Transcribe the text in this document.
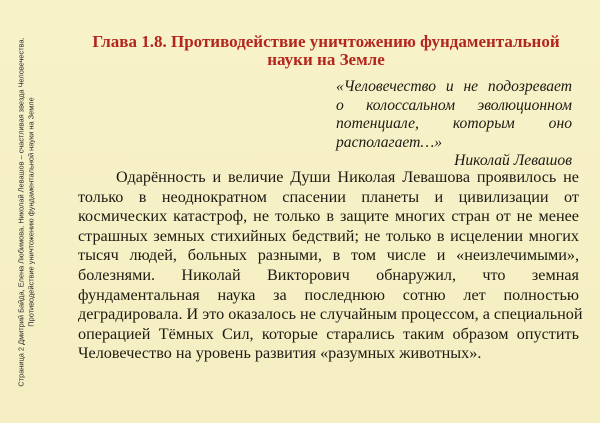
Страница 2 Дмитрий Байда, Елена Любимова. Николай Левашов – счастливая звезда Человечества. Противодействие уничтожению фундаментальной науки на Земле
Глава 1.8. Противодействие уничтожению фундаментальной
науки на Земле
«Человечество и не подозревает
о колоссальном эволюционном
потенциале, которым оно
располагает…»
Николай Левашов
Одарённость и величие Души Николая Левашова проявилось не
только в неоднократном спасении планеты и цивилизации от
космических катастроф, не только в защите многих стран от не менее
страшных земных стихийных бедствий; не только в исцелении многих
тысяч людей, больных разными, в том числе и «неизлечимыми»,
болезнями. Николай Викторович обнаружил, что земная
фундаментальная наука за последнюю сотню лет полностью
деградировала. И это оказалось не случайным процессом, а специальной
операцией Тёмных Сил, которые старались таким образом опустить
Человечество на уровень развития «разумных животных».
